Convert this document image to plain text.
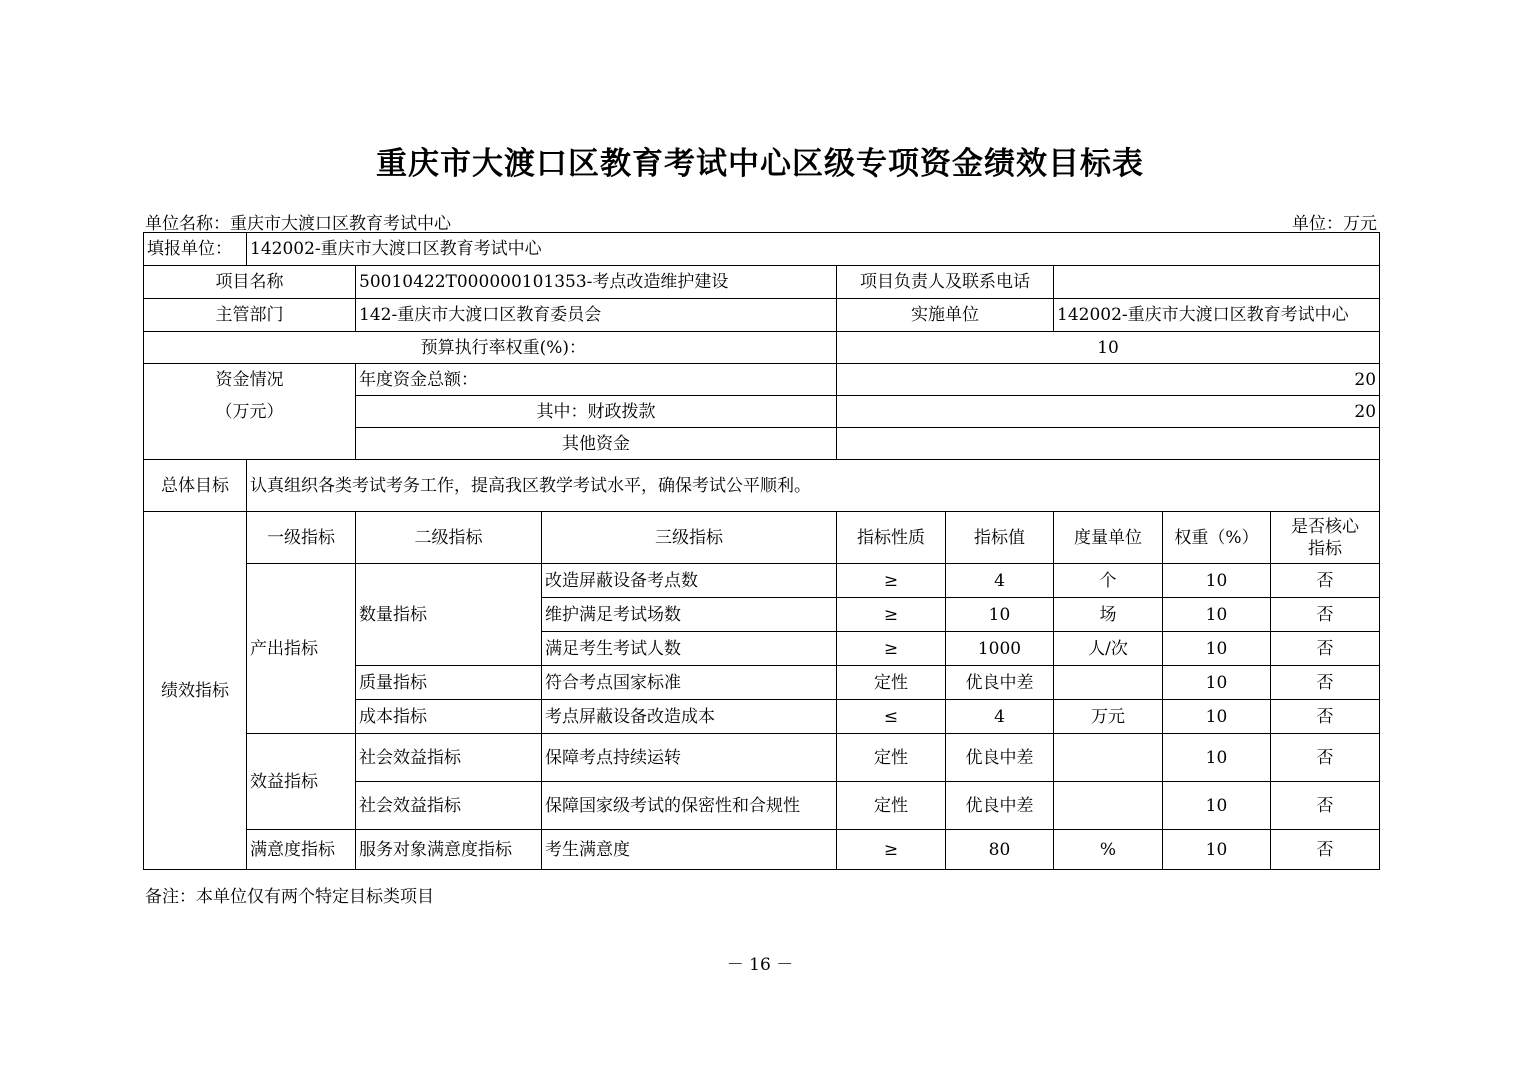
重庆市大渡口区教育考试中心区级专项资金绩效目标表
单位名称：重庆市大渡口区教育考试中心	单位：万元
填报单位：	142002-重庆市大渡口区教育考试中心							
项目名称		50010422T000000101353-考点改造维护建设		项目负责人及联系电话				
主管部门		142-重庆市大渡口区教育委员会		实施单位		142002-重庆市大渡口区教育考试中心		
预算执行率权重(%)：				10				
资金情况		年度资金总额：		20				
（万元）		其中：财政拨款		20				
		其他资金						
总体目标	认真组织各类考试考务工作，提高我区教学考试水平，确保考试公平顺利。							
绩效指标	一级指标	二级指标	三级指标	指标性质	指标值	度量单位	权重（%）	是否核心
指标

	产出指标	数量指标	改造屏蔽设备考点数	≥	4	个	10	否
			维护满足考试场数	≥	10	场	10	否
			满足考生考试人数	≥	1000	人/次	10	否
		质量指标	符合考点国家标准	定性	优良中差		10	否
		成本指标	考点屏蔽设备改造成本	≤	4	万元	10	否
	效益指标	社会效益指标	保障考点持续运转	定性	优良中差		10	否
		社会效益指标	保障国家级考试的保密性和合规性	定性	优良中差		10	否
	满意度指标	服务对象满意度指标	考生满意度	≥	80	%	10	否
备注：本单位仅有两个特定目标类项目
－ 16 －
